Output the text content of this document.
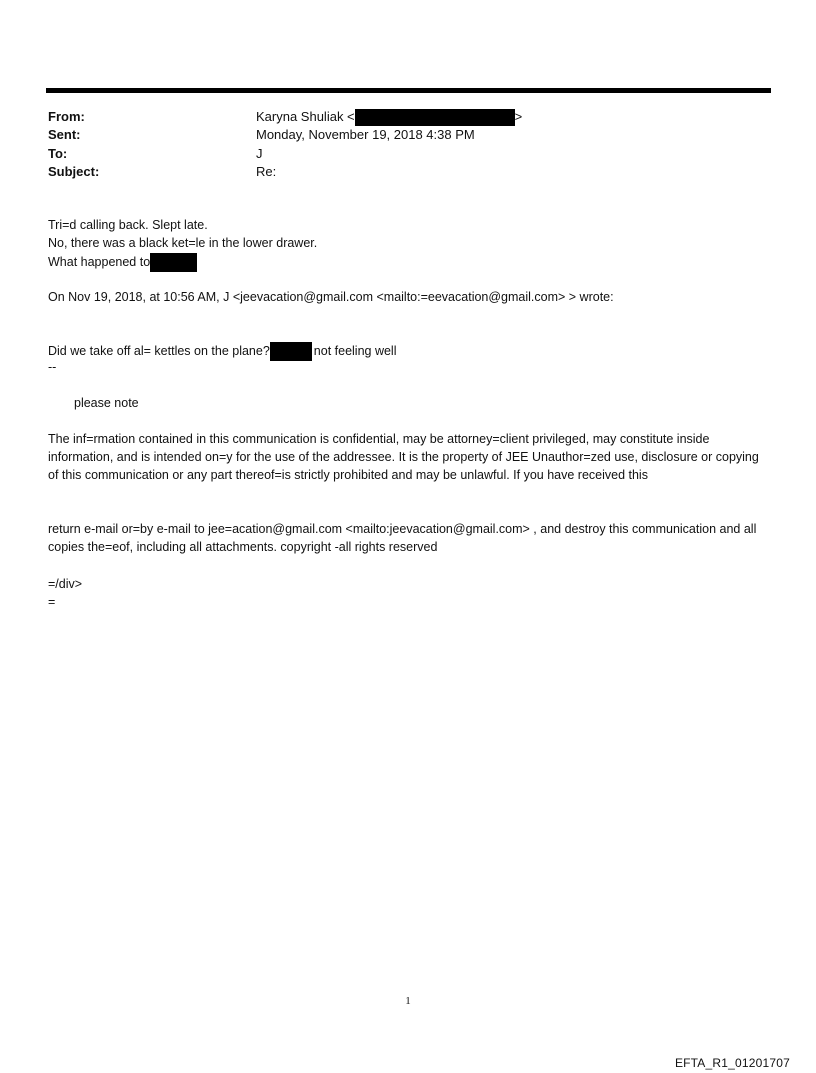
From:	Karyna Shuliak <	>
Sent:	Monday, November 19, 2018 4:38 PM
To:	J
Subject:	Re:
Tri=d calling back. Slept late.
No, there was a black ket=le in the lower drawer.
What happened to
On Nov 19, 2018, at 10:56 AM, J <jeevacation@gmail.com <mailto:=eevacation@gmail.com> > wrote:
Did we take off al= kettles on the plane?	not feeling well
--
please note
The inf=rmation contained in this communication is confidential, may be attorney=client privileged, may constitute inside information, and is intended on=y for the use of the addressee. It is the property of JEE Unauthor=zed use, disclosure or copying of this communication or any part thereof=is strictly prohibited and may be unlawful. If you have received this
return e-mail or=by e-mail to jee=acation@gmail.com <mailto:jeevacation@gmail.com> , and destroy this communication and all copies the=eof, including all attachments. copyright -all rights reserved
=/div>
=
1
EFTA_R1_01201707
